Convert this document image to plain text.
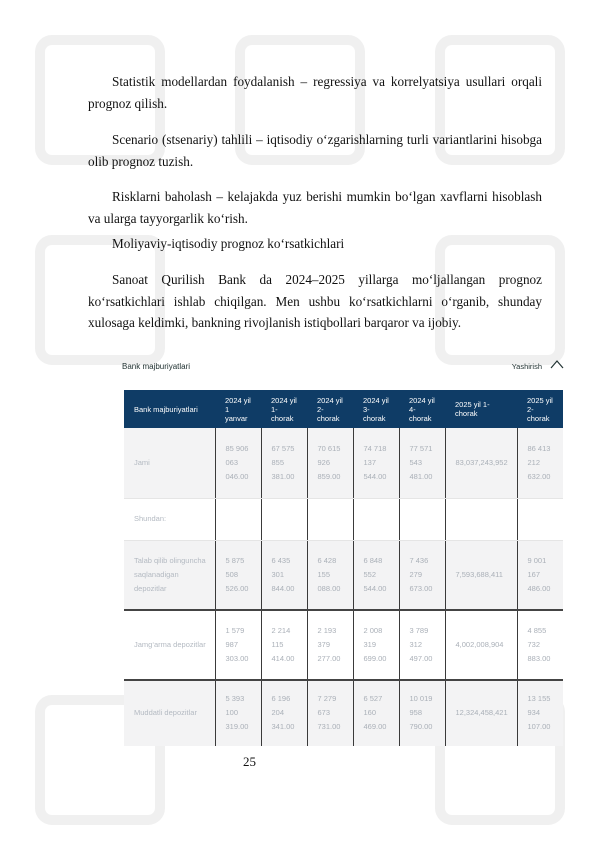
Statistik modellardan foydalanish – regressiya va korrelyatsiya usullari orqali prognoz qilish.
Scenario (stsenariy) tahlili – iqtisodiy o‘zgarishlarning turli variantlarini hisobga olib prognoz tuzish.
Risklarni baholash – kelajakda yuz berishi mumkin bo‘lgan xavflarni hisoblash va ularga tayyorgarlik ko‘rish.
Moliyaviy-iqtisodiy prognoz ko‘rsatkichlari
Sanoat Qurilish Bank da 2024–2025 yillarga mo‘ljallangan prognoz ko‘rsatkichlari ishlab chiqilgan. Men ushbu ko‘rsatkichlarni o‘rganib, shunday xulosaga keldimki, bankning rivojlanish istiqbollari barqaror va ijobiy.
Bank majburiyatlari	Yashirish
Bank majburiyatlari	2024 yil
1
yanvar	2024 yil
1-
chorak	2024 yil
2-
chorak	2024 yil
3-
chorak	2024 yil
4-
chorak	2025 yil 1-
chorak	2025 yil
2-
chorak

Jami	85 906
063
046.00	67 575
855
381.00	70 615
926
859.00	74 718
137
544.00	77 571
543
481.00	83,037,243,952	86 413
212
632.00

Shundan:							

Talab qilib olinguncha
saqlanadigan
depozitlar	5 875
508
526.00	6 435
301
844.00	6 428
155
088.00	6 848
552
544.00	7 436
279
673.00	7,593,688,411	9 001
167
486.00

Jamg‘arma depozitlar	1 579
987
303.00	2 214
115
414.00	2 193
379
277.00	2 008
319
699.00	3 789
312
497.00	4,002,008,904	4 855
732
883.00

Muddatli depozitlar	5 393
100
319.00	6 196
204
341.00	7 279
673
731.00	6 527
160
469.00	10 019
958
790.00	12,324,458,421	13 155
934
107.00
25
